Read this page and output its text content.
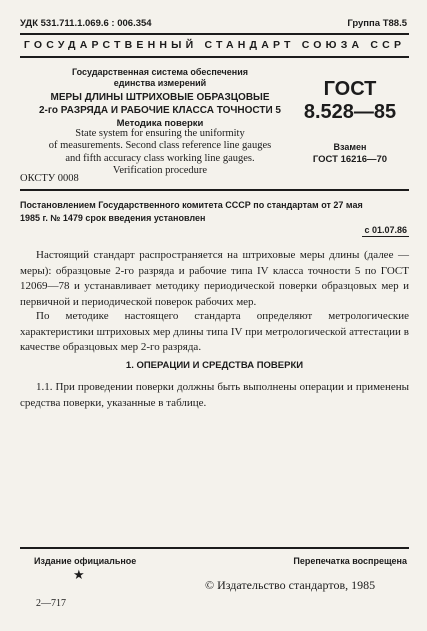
УДК 531.711.1.069.6 : 006.354	Группа Т88.5
ГОСУДАРСТВЕННЫЙ СТАНДАРТ СОЮЗА ССР
Государственная система обеспечения
единства измерений
МЕРЫ ДЛИНЫ ШТРИХОВЫЕ ОБРАЗЦОВЫЕ
2-го РАЗРЯДА И РАБОЧИЕ КЛАССА ТОЧНОСТИ 5
Методика поверки
State system for ensuring the uniformity
of measurements. Second class reference line gauges
and fifth accuracy class working line gauges.
Verification procedure
ГОСТ
8.528—85
Взамен
ГОСТ 16216—70
ОКСТУ 0008
Постановлением Государственного комитета СССР по стандартам от 27 мая
1985 г. № 1479 срок введения установлен
с 01.07.86

Настоящий стандарт распространяется на штриховые меры длины (далее — меры): образцовые 2-го разряда и рабочие типа IV класса точности 5 по ГОСТ 12069—78 и устанавливает методику периодической поверки образцовых мер и первичной и периодической поверок рабочих мер.

По методике настоящего стандарта определяют метрологические характеристики штриховых мер длины типа IV при метрологической аттестации в качестве образцовых мер 2-го разряда.

1. ОПЕРАЦИИ И СРЕДСТВА ПОВЕРКИ

1.1. При проведении поверки должны быть выполнены операции и применены средства поверки, указанные в таблице.

Издание официальное	Перепечатка воспрещена
★
© Издательство стандартов, 1985
2—717
